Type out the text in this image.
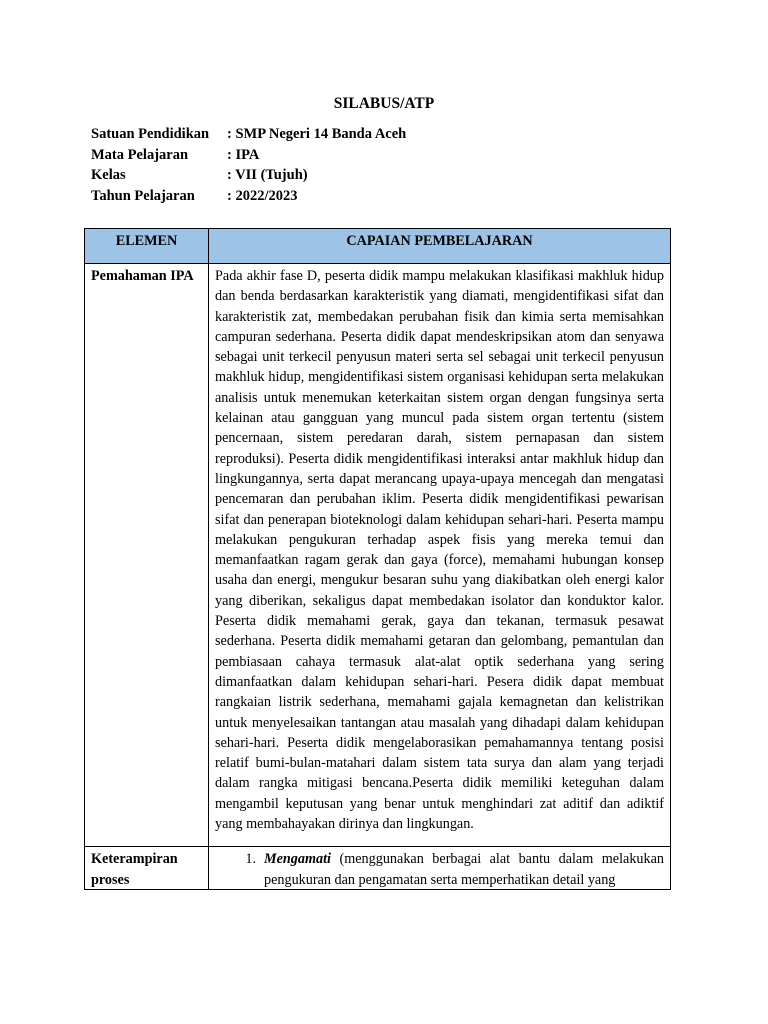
SILABUS/ATP
Satuan Pendidikan	: SMP Negeri 14 Banda Aceh
Mata Pelajaran	: IPA
Kelas	: VII (Tujuh)
Tahun Pelajaran	: 2022/2023
ELEMEN	CAPAIAN PEMBELAJARAN
Pemahaman IPA	Pada akhir fase D, peserta didik mampu melakukan klasifikasi makhluk hidup dan benda berdasarkan karakteristik yang diamati, mengidentifikasi sifat dan karakteristik zat, membedakan perubahan fisik dan kimia serta memisahkan campuran sederhana. Peserta didik dapat mendeskripsikan atom dan senyawa sebagai unit terkecil penyusun materi serta sel sebagai unit terkecil penyusun makhluk hidup, mengidentifikasi sistem organisasi kehidupan serta melakukan analisis untuk menemukan keterkaitan sistem organ dengan fungsinya serta kelainan atau gangguan yang muncul pada sistem organ tertentu (sistem pencernaan, sistem peredaran darah, sistem pernapasan dan sistem reproduksi). Peserta didik mengidentifikasi interaksi antar makhluk hidup dan lingkungannya, serta dapat merancang upaya-upaya mencegah dan mengatasi pencemaran dan perubahan iklim. Peserta didik mengidentifikasi pewarisan sifat dan penerapan bioteknologi dalam kehidupan sehari-hari. Peserta mampu melakukan pengukuran terhadap aspek fisis yang mereka temui dan memanfaatkan ragam gerak dan gaya (force), memahami hubungan konsep usaha dan energi, mengukur besaran suhu yang diakibatkan oleh energi kalor yang diberikan, sekaligus dapat membedakan isolator dan konduktor kalor. Peserta didik memahami gerak, gaya dan tekanan, termasuk pesawat sederhana. Peserta didik memahami getaran dan gelombang, pemantulan dan pembiasaan cahaya termasuk alat-alat optik sederhana yang sering dimanfaatkan dalam kehidupan sehari-hari. Pesera didik dapat membuat rangkaian listrik sederhana, memahami gajala kemagnetan dan kelistrikan untuk menyelesaikan tantangan atau masalah yang dihadapi dalam kehidupan sehari-hari. Peserta didik mengelaborasikan pemahamannya tentang posisi relatif bumi-bulan-matahari dalam sistem tata surya dan alam yang terjadi dalam rangka mitigasi bencana.Peserta didik memiliki keteguhan dalam mengambil keputusan yang benar untuk menghindari zat aditif dan adiktif yang membahayakan dirinya dan lingkungan.

Keterampiran proses	1. Mengamati (menggunakan berbagai alat bantu dalam melakukan pengukuran dan pengamatan serta memperhatikan detail yang
